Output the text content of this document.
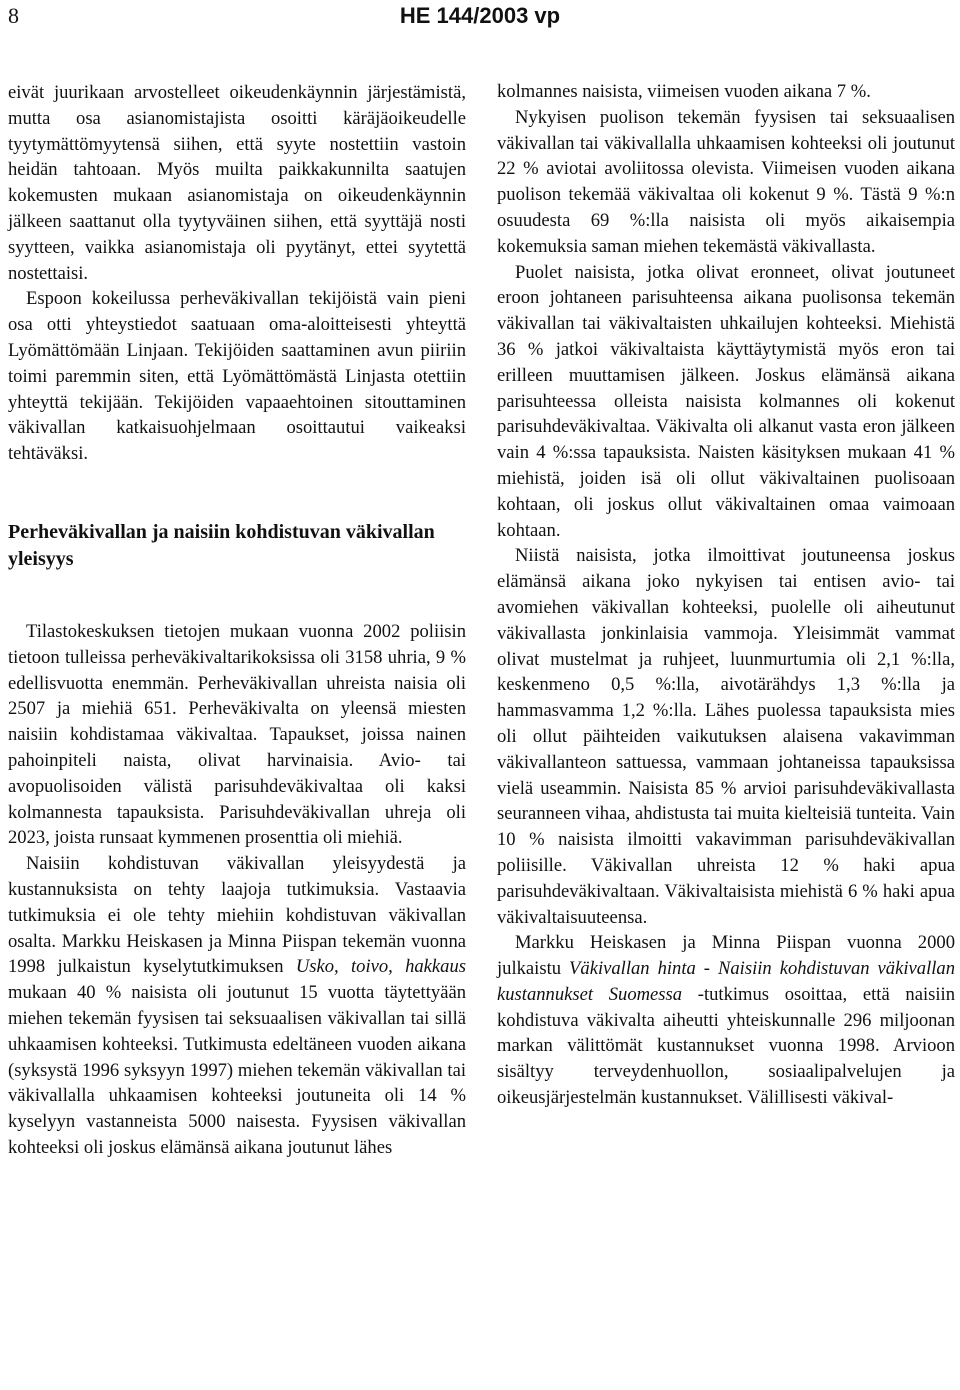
8	HE 144/2003 vp

eivät juurikaan arvostelleet oikeudenkäynnin järjestämistä, mutta osa asianomistajista osoitti käräjäoikeudelle tyytymättömyytensä siihen, että syyte nostettiin vastoin heidän tahtoaan. Myös muilta paikkakunnilta saatujen kokemusten mukaan asianomistaja on oikeudenkäynnin jälkeen saattanut olla tyytyväinen siihen, että syyttäjä nosti syytteen, vaikka asianomistaja oli pyytänyt, ettei syytettä nostettaisi.

Espoon kokeilussa perheväkivallan tekijöistä vain pieni osa otti yhteystiedot saatuaan oma-aloitteisesti yhteyttä Lyömättömään Linjaan. Tekijöiden saattaminen avun piiriin toimi paremmin siten, että Lyömättömästä Linjasta otettiin yhteyttä tekijään. Tekijöiden vapaaehtoinen sitouttaminen väkivallan katkaisuohjelmaan osoittautui vaikeaksi tehtäväksi.

Perheväkivallan ja naisiin kohdistuvan väkivallan yleisyys

Tilastokeskuksen tietojen mukaan vuonna 2002 poliisin tietoon tulleissa perheväkivaltarikoksissa oli 3158 uhria, 9 % edellisvuotta enemmän. Perheväkivallan uhreista naisia oli 2507 ja miehiä 651. Perheväkivalta on yleensä miesten naisiin kohdistamaa väkivaltaa. Tapaukset, joissa nainen pahoinpiteli naista, olivat harvinaisia. Avio- tai avopuolisoiden välistä parisuhdeväkivaltaa oli kaksi kolmannesta tapauksista. Parisuhdeväkivallan uhreja oli 2023, joista runsaat kymmenen prosenttia oli miehiä.

Naisiin kohdistuvan väkivallan yleisyydestä ja kustannuksista on tehty laajoja tutkimuksia. Vastaavia tutkimuksia ei ole tehty miehiin kohdistuvan väkivallan osalta. Markku Heiskasen ja Minna Piispan tekemän vuonna 1998 julkaistun kyselytutkimuksen Usko, toivo, hakkaus mukaan 40 % naisista oli joutunut 15 vuotta täytettyään miehen tekemän fyysisen tai seksuaalisen väkivallan tai sillä uhkaamisen kohteeksi. Tutkimusta edeltäneen vuoden aikana (syksystä 1996 syksyyn 1997) miehen tekemän väkivallan tai väkivallalla uhkaamisen kohteeksi joutuneita oli 14 % kyselyyn vastanneista 5000 naisesta. Fyysisen väkivallan kohteeksi oli joskus elämänsä aikana joutunut lähes

kolmannes naisista, viimeisen vuoden aikana 7 %.

Nykyisen puolison tekemän fyysisen tai seksuaalisen väkivallan tai väkivallalla uhkaamisen kohteeksi oli joutunut 22 % aviotai avoliitossa olevista. Viimeisen vuoden aikana puolison tekemää väkivaltaa oli kokenut 9 %. Tästä 9 %:n osuudesta 69 %:lla naisista oli myös aikaisempia kokemuksia saman miehen tekemästä väkivallasta.

Puolet naisista, jotka olivat eronneet, olivat joutuneet eroon johtaneen parisuhteensa aikana puolisonsa tekemän väkivallan tai väkivaltaisten uhkailujen kohteeksi. Miehistä 36 % jatkoi väkivaltaista käyttäytymistä myös eron tai erilleen muuttamisen jälkeen. Joskus elämänsä aikana parisuhteessa olleista naisista kolmannes oli kokenut parisuhdeväkivaltaa. Väkivalta oli alkanut vasta eron jälkeen vain 4 %:ssa tapauksista. Naisten käsityksen mukaan 41 % miehistä, joiden isä oli ollut väkivaltainen puolisoaan kohtaan, oli joskus ollut väkivaltainen omaa vaimoaan kohtaan.

Niistä naisista, jotka ilmoittivat joutuneensa joskus elämänsä aikana joko nykyisen tai entisen avio- tai avomiehen väkivallan kohteeksi, puolelle oli aiheutunut väkivallasta jonkinlaisia vammoja. Yleisimmät vammat olivat mustelmat ja ruhjeet, luunmurtumia oli 2,1 %:lla, keskenmeno 0,5 %:lla, aivotärähdys 1,3 %:lla ja hammasvamma 1,2 %:lla. Lähes puolessa tapauksista mies oli ollut päihteiden vaikutuksen alaisena vakavimman väkivallanteon sattuessa, vammaan johtaneissa tapauksissa vielä useammin. Naisista 85 % arvioi parisuhdeväkivallasta seuranneen vihaa, ahdistusta tai muita kielteisiä tunteita. Vain 10 % naisista ilmoitti vakavimman parisuhdeväkivallan poliisille. Väkivallan uhreista 12 % haki apua parisuhdeväkivaltaan. Väkivaltaisista miehistä 6 % haki apua väkivaltaisuuteensa.

Markku Heiskasen ja Minna Piispan vuonna 2000 julkaistu Väkivallan hinta - Naisiin kohdistuvan väkivallan kustannukset Suomessa -tutkimus osoittaa, että naisiin kohdistuva väkivalta aiheutti yhteiskunnalle 296 miljoonan markan välittömät kustannukset vuonna 1998. Arvioon sisältyy terveydenhuollon, sosiaalipalvelujen ja oikeusjärjestelmän kustannukset. Välillisesti väkival-
